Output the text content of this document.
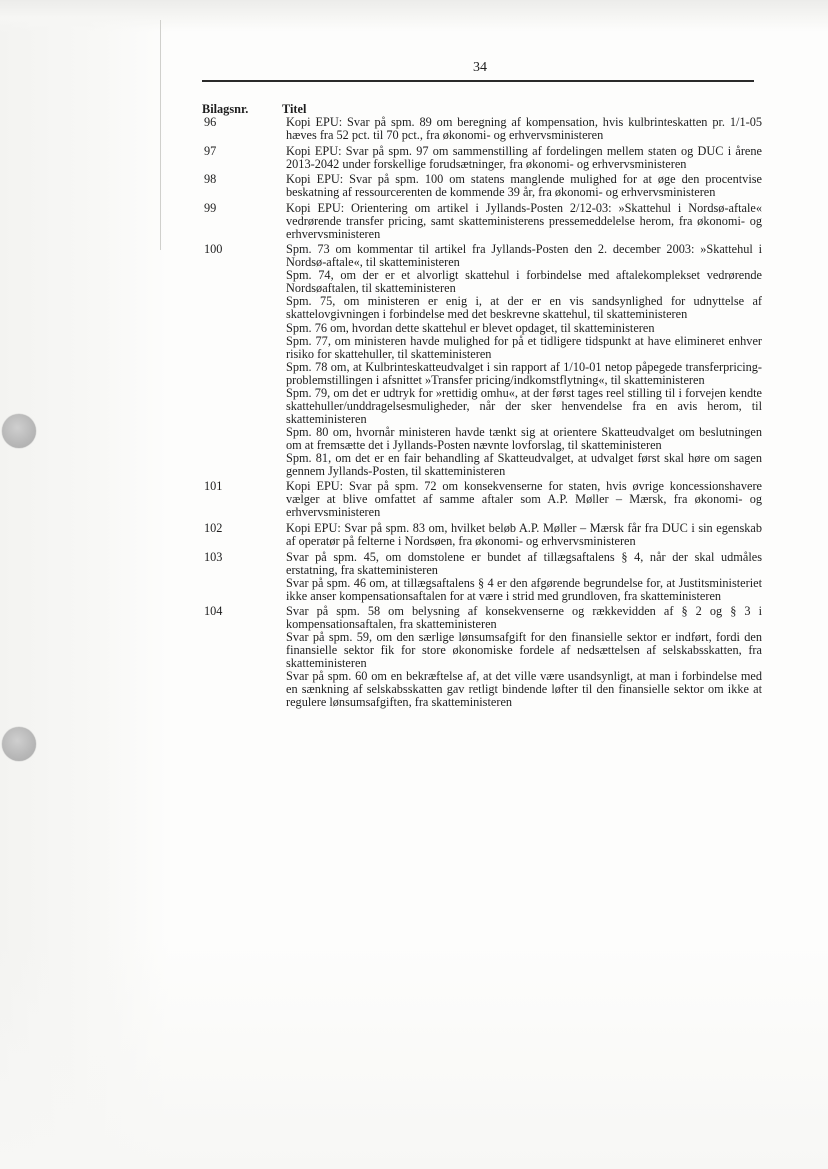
34
Bilagsnr.	Titel
96	Kopi EPU: Svar på spm. 89 om beregning af kompensation, hvis kulbrinteskatten pr. 1/1-05 hæves fra 52 pct. til 70 pct., fra økonomi- og erhvervsministeren

97	Kopi EPU: Svar på spm. 97 om sammenstilling af fordelingen mellem staten og DUC i årene 2013-2042 under forskellige forudsætninger, fra økonomi- og erhvervsministeren

98	Kopi EPU: Svar på spm. 100 om statens manglende mulighed for at øge den procentvise beskatning af ressourcerenten de kommende 39 år, fra økonomi- og erhvervsministeren

99	Kopi EPU: Orientering om artikel i Jyllands-Posten 2/12-03: »Skattehul i Nordsø-aftale« vedrørende transfer pricing, samt skatteministerens pressemeddelelse herom, fra økonomi- og erhvervsministeren

100	Spm. 73 om kommentar til artikel fra Jyllands-Posten den 2. december 2003: »Skattehul i Nordsø-aftale«, til skatteministeren

Spm. 74, om der er et alvorligt skattehul i forbindelse med aftalekomplekset vedrørende Nordsøaftalen, til skatteministeren

Spm. 75, om ministeren er enig i, at der er en vis sandsynlighed for udnyttelse af skattelovgivningen i forbindelse med det beskrevne skattehul, til skatteministeren

Spm. 76 om, hvordan dette skattehul er blevet opdaget, til skatteministeren

Spm. 77, om ministeren havde mulighed for på et tidligere tidspunkt at have elimineret enhver risiko for skattehuller, til skatteministeren

Spm. 78 om, at Kulbrinteskatteudvalget i sin rapport af 1/10-01 netop påpegede transferpricing-problemstillingen i afsnittet »Transfer pricing/indkomstflytning«, til skatteministeren

Spm. 79, om det er udtryk for »rettidig omhu«, at der først tages reel stilling til i forvejen kendte skattehuller/unddragelsesmuligheder, når der sker henvendelse fra en avis herom, til skatteministeren

Spm. 80 om, hvornår ministeren havde tænkt sig at orientere Skatteudvalget om beslutningen om at fremsætte det i Jyllands-Posten nævnte lovforslag, til skatteministeren

Spm. 81, om det er en fair behandling af Skatteudvalget, at udvalget først skal høre om sagen gennem Jyllands-Posten, til skatteministeren

101	Kopi EPU: Svar på spm. 72 om konsekvenserne for staten, hvis øvrige koncessionshavere vælger at blive omfattet af samme aftaler som A.P. Møller – Mærsk, fra økonomi- og erhvervsministeren

102	Kopi EPU: Svar på spm. 83 om, hvilket beløb A.P. Møller – Mærsk får fra DUC i sin egenskab af operatør på felterne i Nordsøen, fra økonomi- og erhvervsministeren

103	Svar på spm. 45, om domstolene er bundet af tillægsaftalens § 4, når der skal udmåles erstatning, fra skatteministeren

Svar på spm. 46 om, at tillægsaftalens § 4 er den afgørende begrundelse for, at Justitsministeriet ikke anser kompensationsaftalen for at være i strid med grundloven, fra skatteministeren

104	Svar på spm. 58 om belysning af konsekvenserne og rækkevidden af § 2 og § 3 i kompensationsaftalen, fra skatteministeren

Svar på spm. 59, om den særlige lønsumsafgift for den finansielle sektor er indført, fordi den finansielle sektor fik for store økonomiske fordele af nedsættelsen af selskabsskatten, fra skatteministeren

Svar på spm. 60 om en bekræftelse af, at det ville være usandsynligt, at man i forbindelse med en sænkning af selskabsskatten gav retligt bindende løfter til den finansielle sektor om ikke at regulere lønsumsafgiften, fra skatteministeren
